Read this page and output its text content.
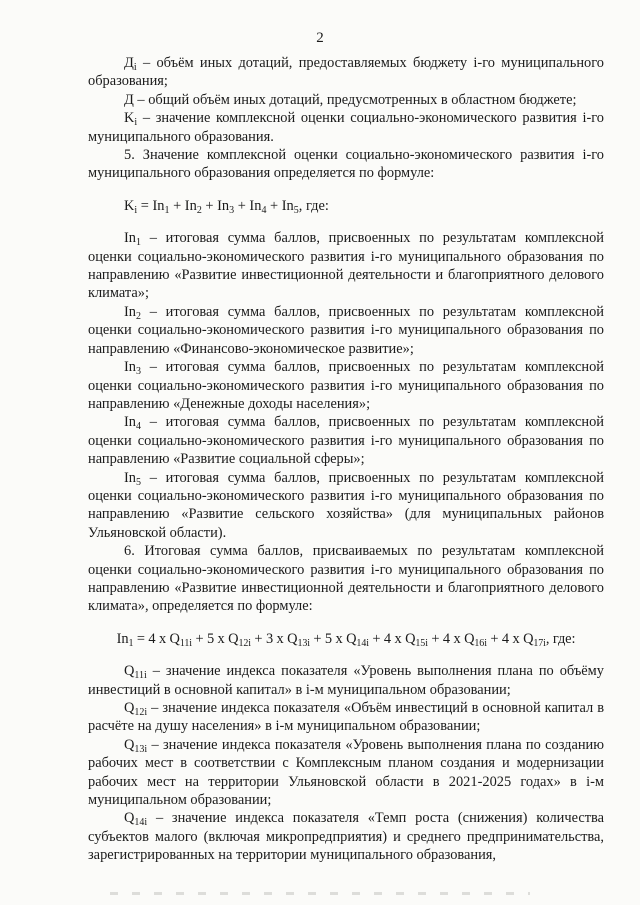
2

$Д_i$ – объём иных дотаций, предоставляемых бюджету i-го муниципального образования;

Д – общий объём иных дотаций, предусмотренных в областном бюджете;

$K_i$ – значение комплексной оценки социально-экономического развития i-го муниципального образования.

5. Значение комплексной оценки социально-экономического развития i-го муниципального образования определяется по формуле:

$K_i = In_1 + In_2 + In_3 + In_4 + In_5$, где:

$In_1$ – итоговая сумма баллов, присвоенных по результатам комплексной оценки социально-экономического развития i-го муниципального образования по направлению «Развитие инвестиционной деятельности и благоприятного делового климата»;

$In_2$ – итоговая сумма баллов, присвоенных по результатам комплексной оценки социально-экономического развития i-го муниципального образования по направлению «Финансово-экономическое развитие»;

$In_3$ – итоговая сумма баллов, присвоенных по результатам комплексной оценки социально-экономического развития i-го муниципального образования по направлению «Денежные доходы населения»;

$In_4$ – итоговая сумма баллов, присвоенных по результатам комплексной оценки социально-экономического развития i-го муниципального образования по направлению «Развитие социальной сферы»;

$In_5$ – итоговая сумма баллов, присвоенных по результатам комплексной оценки социально-экономического развития i-го муниципального образования по направлению «Развитие сельского хозяйства» (для муниципальных районов Ульяновской области).

6. Итоговая сумма баллов, присваиваемых по результатам комплексной оценки социально-экономического развития i-го муниципального образования по направлению «Развитие инвестиционной деятельности и благоприятного делового климата», определяется по формуле:

$In_1 = 4$ x $Q_{11i} + 5$ x $Q_{12i} + 3$ x $Q_{13i} + 5$ x $Q_{14i} + 4$ x $Q_{15i} + 4$ x $Q_{16i} + 4$ x $Q_{17i}$, где:

$Q_{11i}$ – значение индекса показателя «Уровень выполнения плана по объёму инвестиций в основной капитал» в i-м муниципальном образовании;

$Q_{12i}$ – значение индекса показателя «Объём инвестиций в основной капитал в расчёте на душу населения» в i-м муниципальном образовании;

$Q_{13i}$ – значение индекса показателя «Уровень выполнения плана по созданию рабочих мест в соответствии с Комплексным планом создания и модернизации рабочих мест на территории Ульяновской области в 2021-2025 годах» в i-м муниципальном образовании;

$Q_{14i}$ – значение индекса показателя «Темп роста (снижения) количества субъектов малого (включая микропредприятия) и среднего предпринимательства, зарегистрированных на территории муниципального образования,
